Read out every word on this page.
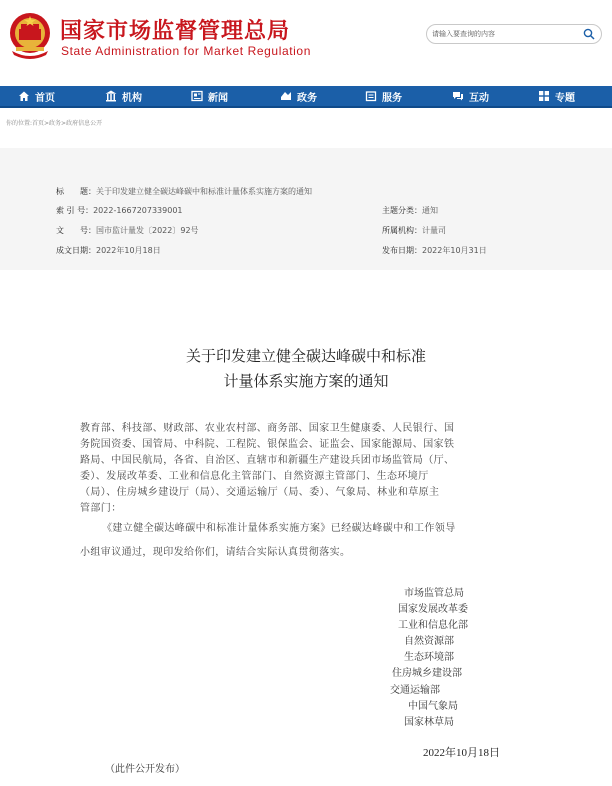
国家市场监督管理总局
State Administration for Market Regulation
请输入要查询的内容
首页	机构	新闻	政务	服务	互动	专题
你的位置:首页>政务>政府信息公开
标　　题：关于印发建立健全碳达峰碳中和标准计量体系实施方案的通知
索 引 号：2022-1667207339001	主题分类：通知
文　　号：国市监计量发〔2022〕92号	所属机构：计量司
成文日期：2022年10月18日	发布日期：2022年10月31日
关于印发建立健全碳达峰碳中和标准
计量体系实施方案的通知
教育部、科技部、财政部、农业农村部、商务部、国家卫生健康委、人民银行、国
务院国资委、国管局、中科院、工程院、银保监会、证监会、国家能源局、国家铁
路局、中国民航局，各省、自治区、直辖市和新疆生产建设兵团市场监管局（厅、
委）、发展改革委、工业和信息化主管部门、自然资源主管部门、生态环境厅
（局）、住房城乡建设厅（局）、交通运输厅（局、委）、气象局、林业和草原主
管部门：
《建立健全碳达峰碳中和标准计量体系实施方案》已经碳达峰碳中和工作领导
小组审议通过，现印发给你们，请结合实际认真贯彻落实。
市场监管总局
国家发展改革委
工业和信息化部
自然资源部
生态环境部
住房城乡建设部
交通运输部
中国气象局
国家林草局
2022年10月18日
（此件公开发布）
